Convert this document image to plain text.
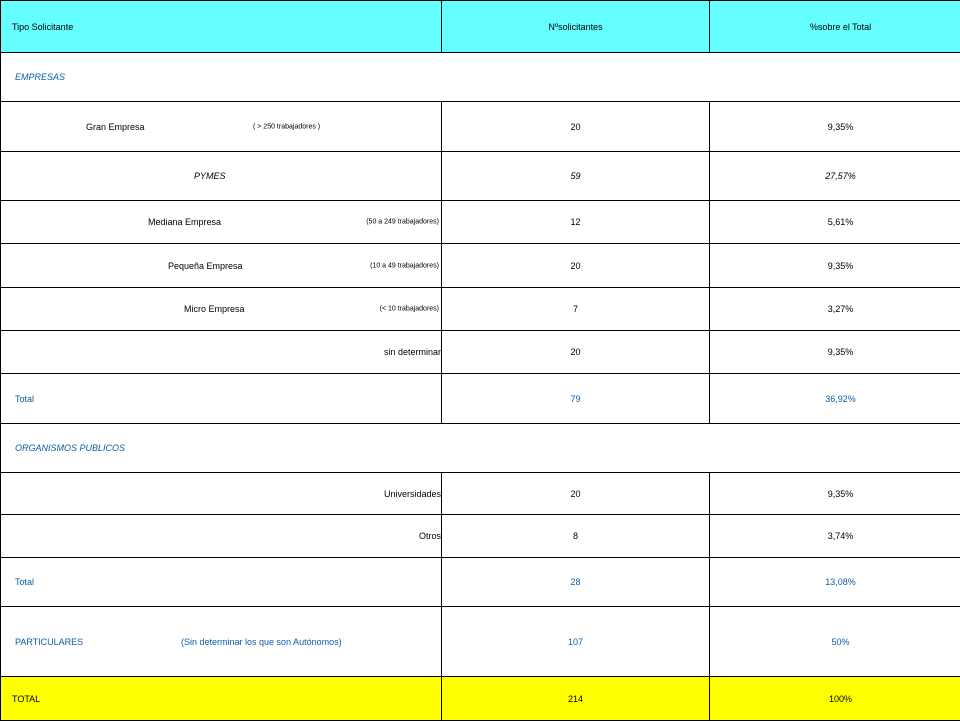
Tipo Solicitante	Nºsolicitantes	%sobre el Total
EMPRESAS		

Gran Empresa ( > 250 trabajadores )	20	9,35%

PYMES	59	27,57%

Mediana Empresa (50 a 249 trabajadores)	12	5,61%

Pequeña Empresa (10 a 49 trabajadores)	20	9,35%

Micro Empresa (< 10 trabajadores)	7	3,27%
sin determinar	20	9,35%
Total	79	36,92%
ORGANISMOS PUBLICOS		
Universidades	20	9,35%
Otros	8	3,74%
Total	28	13,08%

PARTICULARES (Sin determinar los que son Autónomos)	107	50%
TOTAL	214	100%
